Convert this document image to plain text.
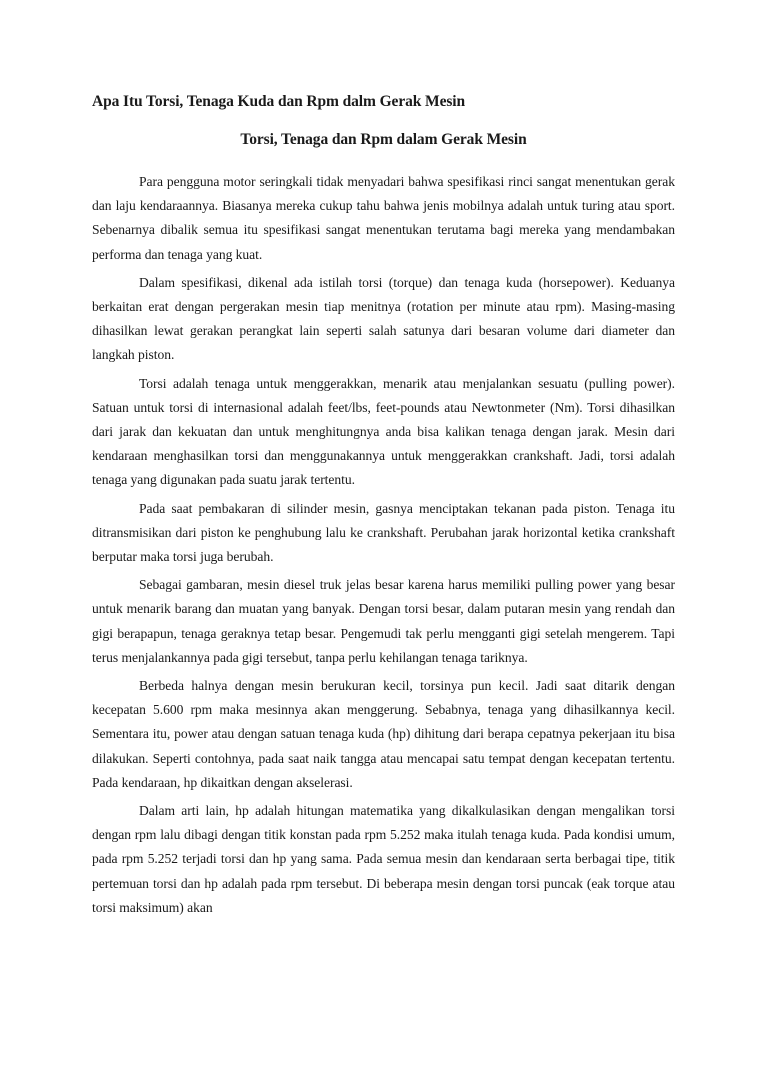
Apa Itu Torsi, Tenaga Kuda dan Rpm dalm Gerak Mesin
Torsi, Tenaga dan Rpm dalam Gerak Mesin

Para pengguna motor seringkali tidak menyadari bahwa spesifikasi rinci sangat menentukan gerak dan laju kendaraannya. Biasanya mereka cukup tahu bahwa jenis mobilnya adalah untuk turing atau sport. Sebenarnya dibalik semua itu spesifikasi sangat menentukan terutama bagi mereka yang mendambakan performa dan tenaga yang kuat.

Dalam spesifikasi, dikenal ada istilah torsi (torque) dan tenaga kuda (horsepower). Keduanya berkaitan erat dengan pergerakan mesin tiap menitnya (rotation per minute atau rpm). Masing-masing dihasilkan lewat gerakan perangkat lain seperti salah satunya dari besaran volume dari diameter dan langkah piston.

Torsi adalah tenaga untuk menggerakkan, menarik atau menjalankan sesuatu (pulling power). Satuan untuk torsi di internasional adalah feet/lbs, feet-pounds atau Newtonmeter (Nm). Torsi dihasilkan dari jarak dan kekuatan dan untuk menghitungnya anda bisa kalikan tenaga dengan jarak. Mesin dari kendaraan menghasilkan torsi dan menggunakannya untuk menggerakkan crankshaft. Jadi, torsi adalah tenaga yang digunakan pada suatu jarak tertentu.

Pada saat pembakaran di silinder mesin, gasnya menciptakan tekanan pada piston. Tenaga itu ditransmisikan dari piston ke penghubung lalu ke crankshaft. Perubahan jarak horizontal ketika crankshaft berputar maka torsi juga berubah.

Sebagai gambaran, mesin diesel truk jelas besar karena harus memiliki pulling power yang besar untuk menarik barang dan muatan yang banyak. Dengan torsi besar, dalam putaran mesin yang rendah dan gigi berapapun, tenaga geraknya tetap besar. Pengemudi tak perlu mengganti gigi setelah mengerem. Tapi terus menjalankannya pada gigi tersebut, tanpa perlu kehilangan tenaga tariknya.

Berbeda halnya dengan mesin berukuran kecil, torsinya pun kecil. Jadi saat ditarik dengan kecepatan 5.600 rpm maka mesinnya akan menggerung. Sebabnya, tenaga yang dihasilkannya kecil. Sementara itu, power atau dengan satuan tenaga kuda (hp) dihitung dari berapa cepatnya pekerjaan itu bisa dilakukan. Seperti contohnya, pada saat naik tangga atau mencapai satu tempat dengan kecepatan tertentu. Pada kendaraan, hp dikaitkan dengan akselerasi.

Dalam arti lain, hp adalah hitungan matematika yang dikalkulasikan dengan mengalikan torsi dengan rpm lalu dibagi dengan titik konstan pada rpm 5.252 maka itulah tenaga kuda. Pada kondisi umum, pada rpm 5.252 terjadi torsi dan hp yang sama. Pada semua mesin dan kendaraan serta berbagai tipe, titik pertemuan torsi dan hp adalah pada rpm tersebut. Di beberapa mesin dengan torsi puncak (eak torque atau torsi maksimum) akan
